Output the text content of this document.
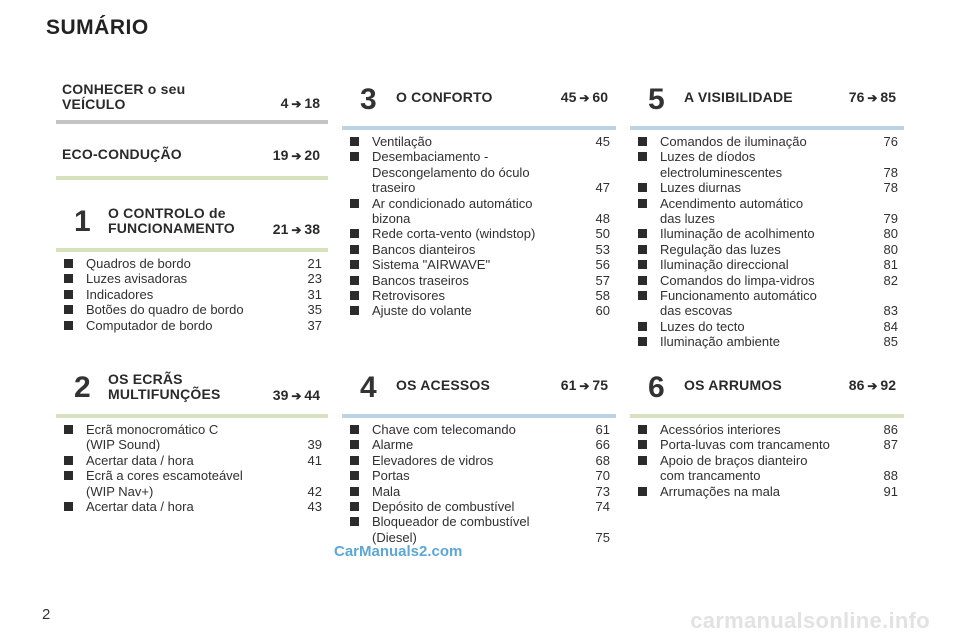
SUMÁRIO
CONHECER o seu
VEÍCULO	4 ➔ 18
ECO-CONDUÇÃO	19 ➔ 20
1 O CONTROLO de
FUNCIONAMENTO	21 ➔ 38
Quadros de bordo	21
Luzes avisadoras	23
Indicadores	31
Botões do quadro de bordo	35
Computador de bordo	37
2 OS ECRÃS
MULTIFUNÇÕES	39 ➔ 44
Ecrã monocromático C
(WIP Sound)	39
Acertar data / hora	41
Ecrã a cores escamoteável
(WIP Nav+)	42
Acertar data / hora	43
3 O CONFORTO	45 ➔ 60
Ventilação	45
Desembaciamento -
Descongelamento do óculo
traseiro	47
Ar condicionado automático
bizona	48
Rede corta-vento (windstop)	50
Bancos dianteiros	53
Sistema "AIRWAVE"	56
Bancos traseiros	57
Retrovisores	58
Ajuste do volante	60
4 OS ACESSOS	61 ➔ 75
Chave com telecomando	61
Alarme	66
Elevadores de vidros	68
Portas	70
Mala	73
Depósito de combustível	74
Bloqueador de combustível
(Diesel)	75
5 A VISIBILIDADE	76 ➔ 85
Comandos de iluminação	76
Luzes de díodos
electroluminescentes	78
Luzes diurnas	78
Acendimento automático
das luzes	79
Iluminação de acolhimento	80
Regulação das luzes	80
Iluminação direccional	81
Comandos do limpa-vidros	82
Funcionamento automático
das escovas	83
Luzes do tecto	84
Iluminação ambiente	85
6 OS ARRUMOS	86 ➔ 92
Acessórios interiores	86
Porta-luvas com trancamento	87
Apoio de braços dianteiro
com trancamento	88
Arrumações na mala	91
CarManuals2.com
carmanualsonline.info
2
